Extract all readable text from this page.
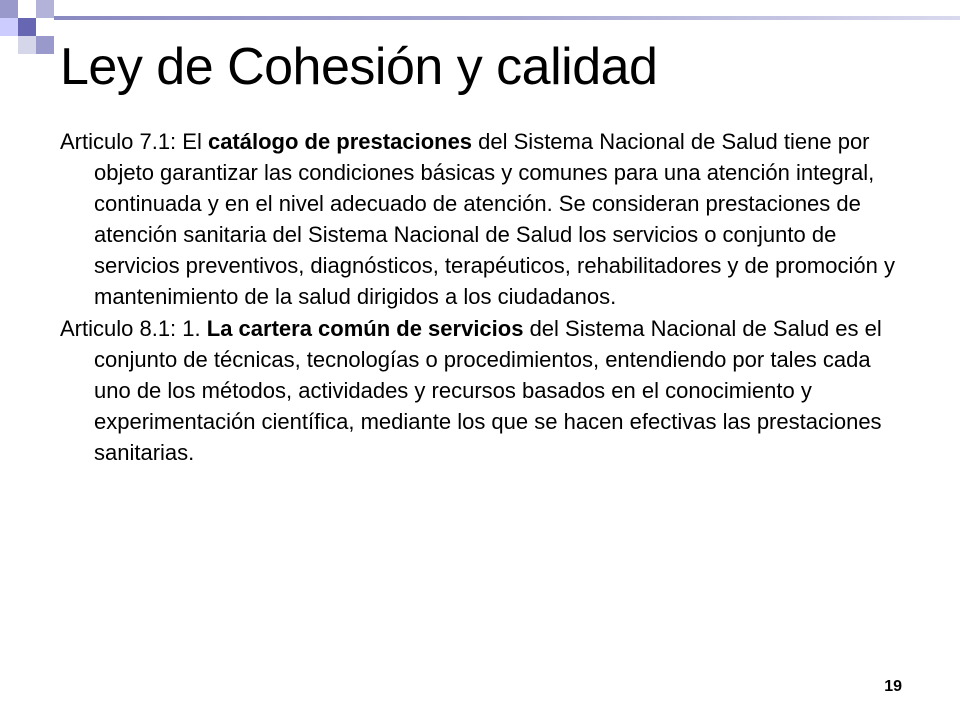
Ley de Cohesión y calidad

Articulo 7.1: El catálogo de prestaciones del Sistema Nacional de Salud tiene por objeto garantizar las condiciones básicas y comunes para una atención integral, continuada y en el nivel adecuado de atención. Se consideran prestaciones de atención sanitaria del Sistema Nacional de Salud los servicios o conjunto de servicios preventivos, diagnósticos, terapéuticos, rehabilitadores y de promoción y mantenimiento de la salud dirigidos a los ciudadanos.

Articulo 8.1: 1. La cartera común de servicios del Sistema Nacional de Salud es el conjunto de técnicas, tecnologías o procedimientos, entendiendo por tales cada uno de los métodos, actividades y recursos basados en el conocimiento y experimentación científica, mediante los que se hacen efectivas las prestaciones sanitarias.

19
